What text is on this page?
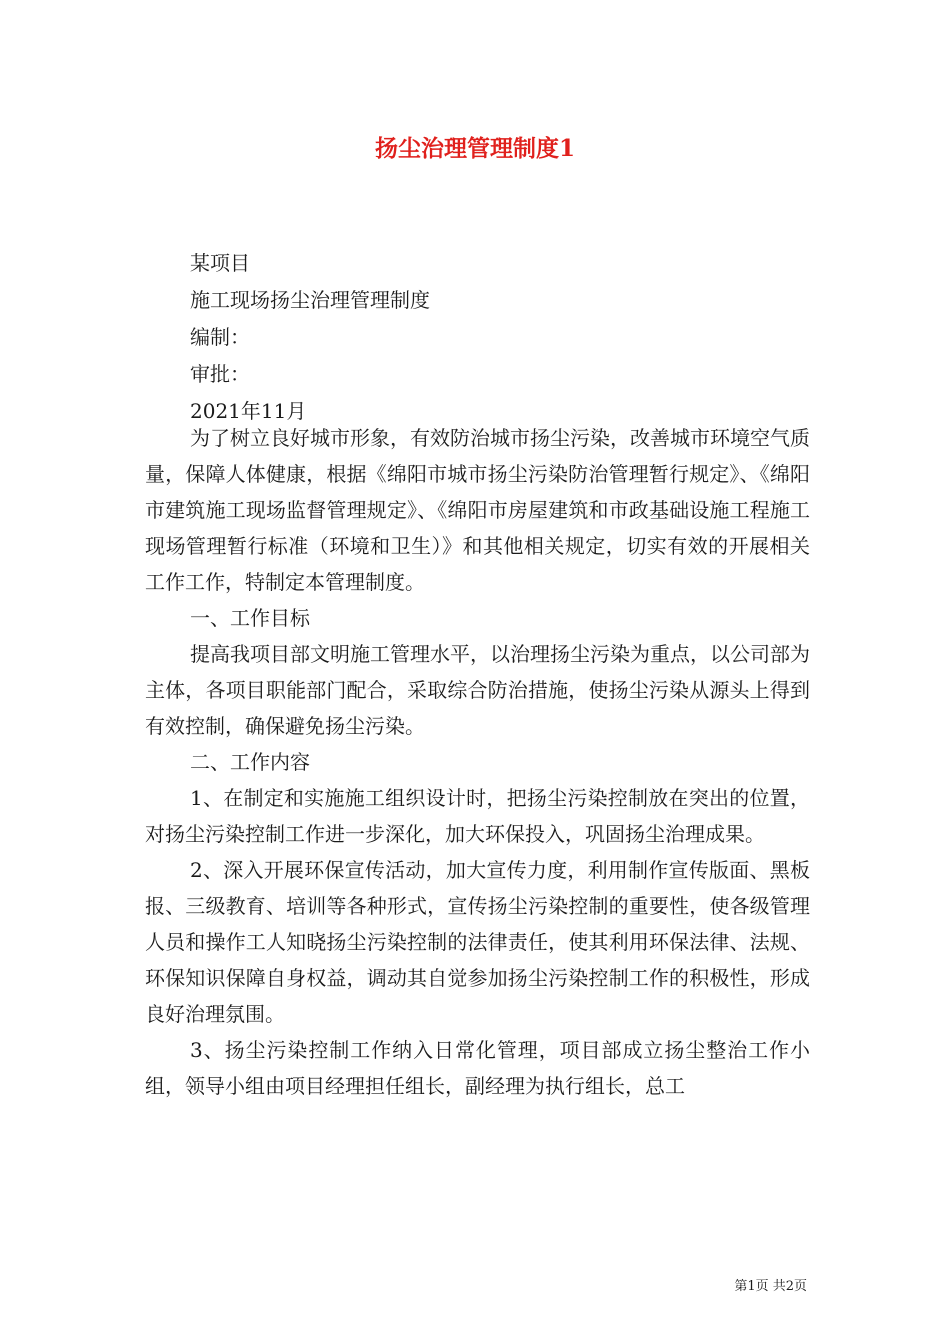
扬尘治理管理制度1
某项目
施工现场扬尘治理管理制度
编制：
审批：
2021年11月

为了树立良好城市形象，有效防治城市扬尘污染，改善城市环境空气质量，保障人体健康，根据《绵阳市城市扬尘污染防治管理暂行规定》、《绵阳市建筑施工现场监督管理规定》、《绵阳市房屋建筑和市政基础设施工程施工现场管理暂行标准（环境和卫生）》和其他相关规定，切实有效的开展相关工作工作，特制定本管理制度。

一、工作目标

提高我项目部文明施工管理水平，以治理扬尘污染为重点，以公司部为主体，各项目职能部门配合，采取综合防治措施，使扬尘污染从源头上得到有效控制，确保避免扬尘污染。

二、工作内容

1、在制定和实施施工组织设计时，把扬尘污染控制放在突出的位置，对扬尘污染控制工作进一步深化，加大环保投入，巩固扬尘治理成果。

2、深入开展环保宣传活动，加大宣传力度，利用制作宣传版面、黑板报、三级教育、培训等各种形式，宣传扬尘污染控制的重要性，使各级管理人员和操作工人知晓扬尘污染控制的法律责任，使其利用环保法律、法规、环保知识保障自身权益，调动其自觉参加扬尘污染控制工作的积极性，形成良好治理氛围。

3、扬尘污染控制工作纳入日常化管理，项目部成立扬尘整治工作小组，领导小组由项目经理担任组长，副经理为执行组长，总工

第1页 共2页
